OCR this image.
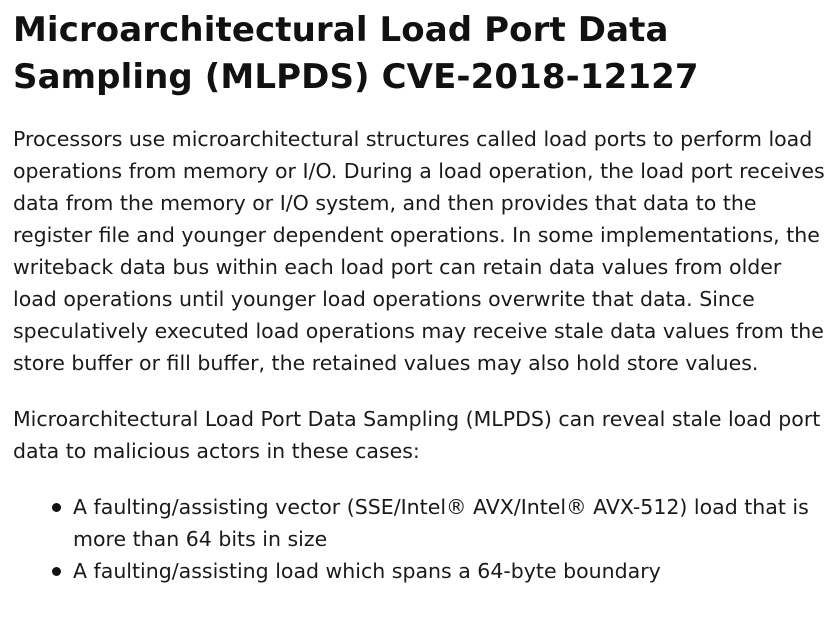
Microarchitectural Load Port Data Sampling (MLPDS) CVE-2018-12127

Processors use microarchitectural structures called load ports to perform load operations from memory or I/O. During a load operation, the load port receives data from the memory or I/O system, and then provides that data to the register file and younger dependent operations. In some implementations, the writeback data bus within each load port can retain data values from older load operations until younger load operations overwrite that data. Since speculatively executed load operations may receive stale data values from the store buffer or fill buffer, the retained values may also hold store values.

Microarchitectural Load Port Data Sampling (MLPDS) can reveal stale load port data to malicious actors in these cases:

A faulting/assisting vector (SSE/Intel® AVX/Intel® AVX-512) load that is more than 64 bits in size
A faulting/assisting load which spans a 64-byte boundary
